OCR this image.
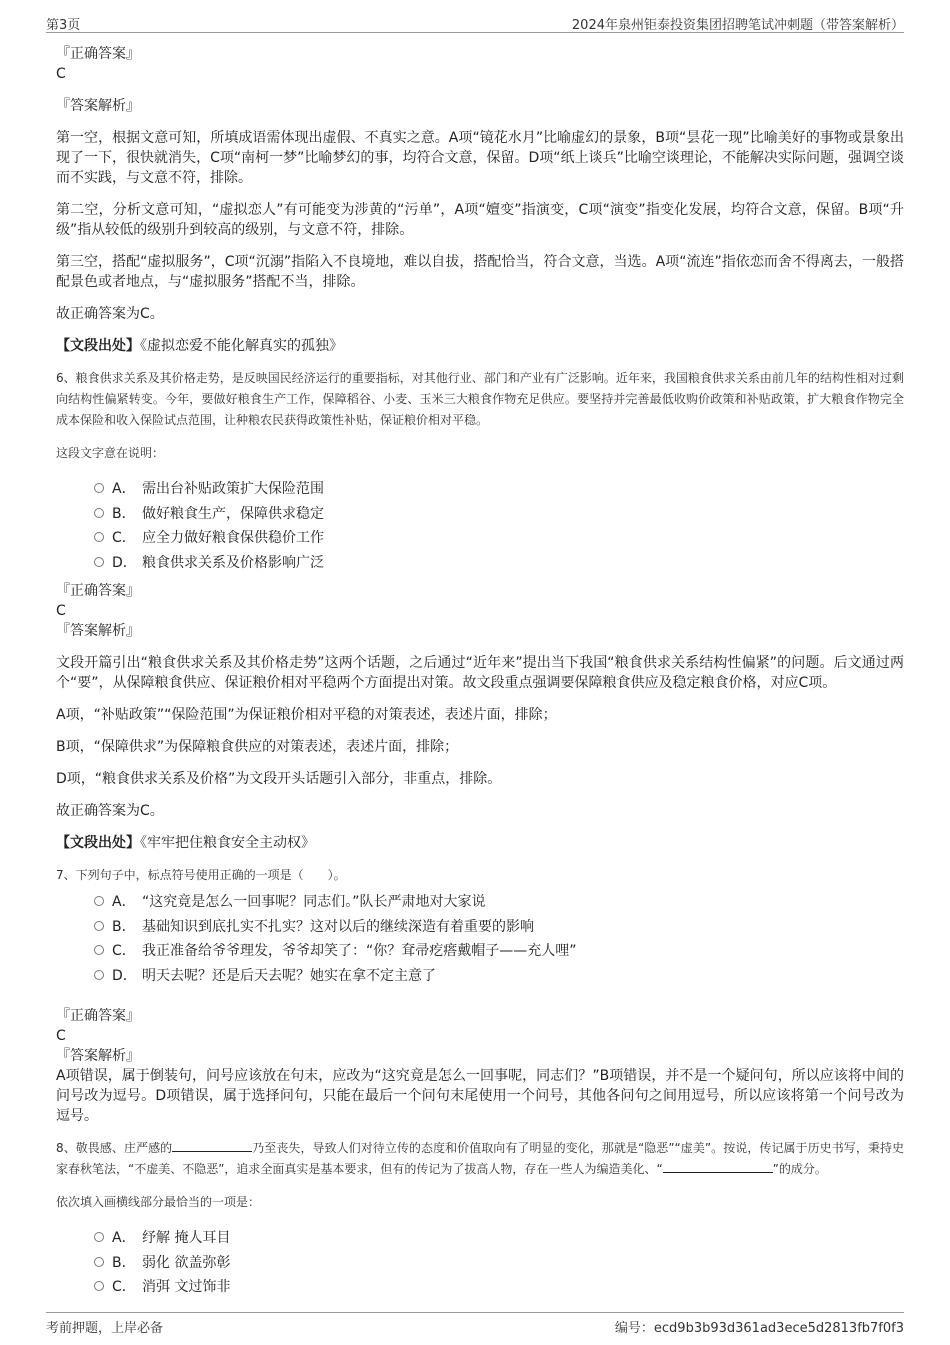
第3页	2024年泉州钜泰投资集团招聘笔试冲刺题（带答案解析）
『正确答案』
C
『答案解析』
第一空，根据文意可知，所填成语需体现出虚假、不真实之意。A项“镜花水月”比喻虚幻的景象，B项“昙花一现”比喻美好的事物或景象出现了一下，很快就消失，C项“南柯一梦”比喻梦幻的事，均符合文意，保留。D项“纸上谈兵”比喻空谈理论，不能解决实际问题，强调空谈而不实践，与文意不符，排除。
第二空，分析文意可知，“虚拟恋人”有可能变为涉黄的“污单”，A项“嬗变”指演变，C项“演变”指变化发展，均符合文意，保留。B项“升级”指从较低的级别升到较高的级别，与文意不符，排除。
第三空，搭配“虚拟服务”，C项“沉溺”指陷入不良境地，难以自拔，搭配恰当，符合文意，当选。A项“流连”指依恋而舍不得离去，一般搭配景色或者地点，与“虚拟服务”搭配不当，排除。
故正确答案为C。
【文段出处】《虚拟恋爱不能化解真实的孤独》
6、粮食供求关系及其价格走势，是反映国民经济运行的重要指标，对其他行业、部门和产业有广泛影响。近年来，我国粮食供求关系由前几年的结构性相对过剩向结构性偏紧转变。今年，要做好粮食生产工作，保障稻谷、小麦、玉米三大粮食作物充足供应。要坚持并完善最低收购价政策和补贴政策，扩大粮食作物完全成本保险和收入保险试点范围，让种粮农民获得政策性补贴，保证粮价相对平稳。
这段文字意在说明：
A． 需出台补贴政策扩大保险范围
B． 做好粮食生产，保障供求稳定
C． 应全力做好粮食保供稳价工作
D． 粮食供求关系及价格影响广泛
『正确答案』
C
『答案解析』
文段开篇引出“粮食供求关系及其价格走势”这两个话题，之后通过“近年来”提出当下我国“粮食供求关系结构性偏紧”的问题。后文通过两个“要”，从保障粮食供应、保证粮价相对平稳两个方面提出对策。故文段重点强调要保障粮食供应及稳定粮食价格，对应C项。
A项，“补贴政策”“保险范围”为保证粮价相对平稳的对策表述，表述片面，排除；
B项，“保障供求”为保障粮食供应的对策表述，表述片面，排除；
D项，“粮食供求关系及价格”为文段开头话题引入部分，非重点，排除。
故正确答案为C。
【文段出处】《牢牢把住粮食安全主动权》
7、下列句子中，标点符号使用正确的一项是（　　）。
A． “这究竟是怎么一回事呢？同志们。”队长严肃地对大家说
B． 基础知识到底扎实不扎实？这对以后的继续深造有着重要的影响
C． 我正准备给爷爷理发，爷爷却笑了：“你？耷帚疙瘩戴帽子——充人哩”
D． 明天去呢？还是后天去呢？她实在拿不定主意了
『正确答案』
C
『答案解析』
A项错误，属于倒装句，问号应该放在句末，应改为“这究竟是怎么一回事呢，同志们？”B项错误，并不是一个疑问句，所以应该将中间的问号改为逗号。D项错误，属于选择问句，只能在最后一个问句末尾使用一个问号，其他各问句之间用逗号，所以应该将第一个问号改为逗号。
8、敬畏感、庄严感的	乃至丧失，导致人们对待立传的态度和价值取向有了明显的变化，那就是“隐恶”“虚美”。按说，传记属于历史书写，秉持史家春秋笔法，“不虚美、不隐恶”，追求全面真实是基本要求，但有的传记为了拔高人物，存在一些人为编造美化、“	”的成分。
依次填入画横线部分最恰当的一项是：
A． 纾解 掩人耳目
B． 弱化 欲盖弥彰
C． 消弭 文过饰非
考前押题，上岸必备	编号：ecd9b3b93d361ad3ece5d2813fb7f0f3
